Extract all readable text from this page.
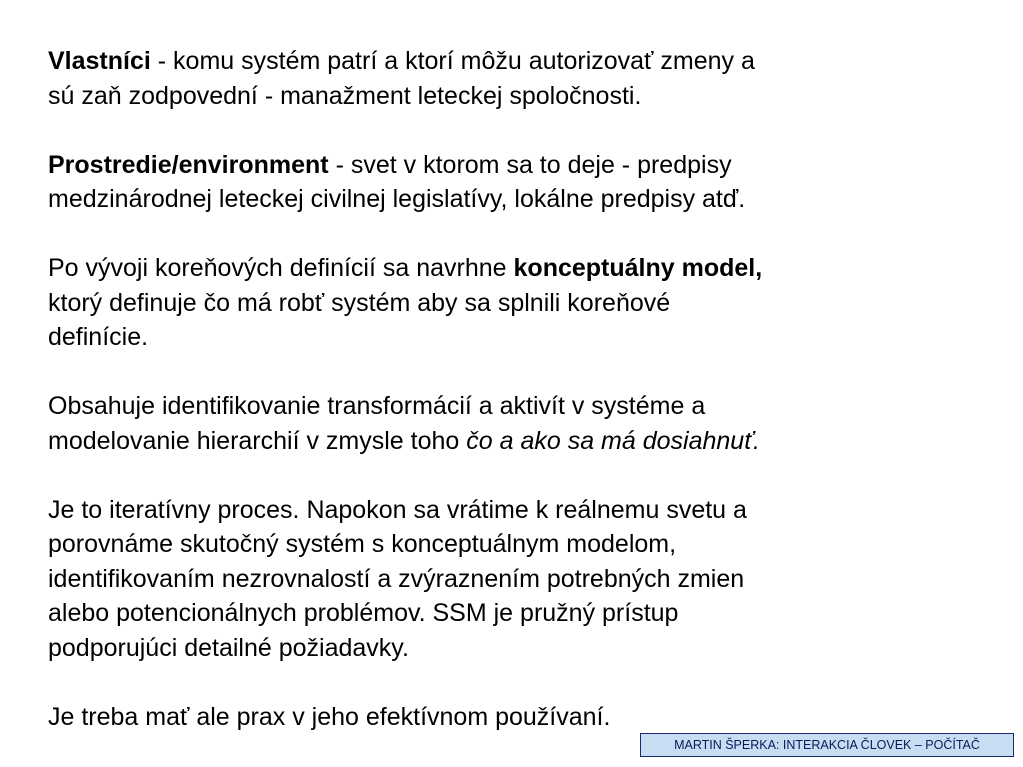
Vlastníci - komu systém patrí a ktorí môžu autorizovať zmeny a
sú zaň zodpovední - manažment leteckej spoločnosti.
Prostredie/environment - svet v ktorom sa to deje - predpisy
medzinárodnej leteckej civilnej legislatívy, lokálne predpisy atď.
Po vývoji koreňových definícií sa navrhne konceptuálny model,
ktorý definuje čo má robť systém aby sa splnili koreňové
definície.
Obsahuje identifikovanie transformácií a aktivít v systéme a
modelovanie hierarchií v zmysle toho čo a ako sa má dosiahnuť.
Je to iteratívny proces. Napokon sa vrátime k reálnemu svetu a
porovnáme skutočný systém s konceptuálnym modelom,
identifikovaním nezrovnalostí a zvýraznením potrebných zmien
alebo potencionálnych problémov. SSM je pružný prístup
podporujúci detailné požiadavky.
Je treba mať ale prax v jeho efektívnom používaní.
MARTIN ŠPERKA: INTERAKCIA ČLOVEK – POČÍTAČ
